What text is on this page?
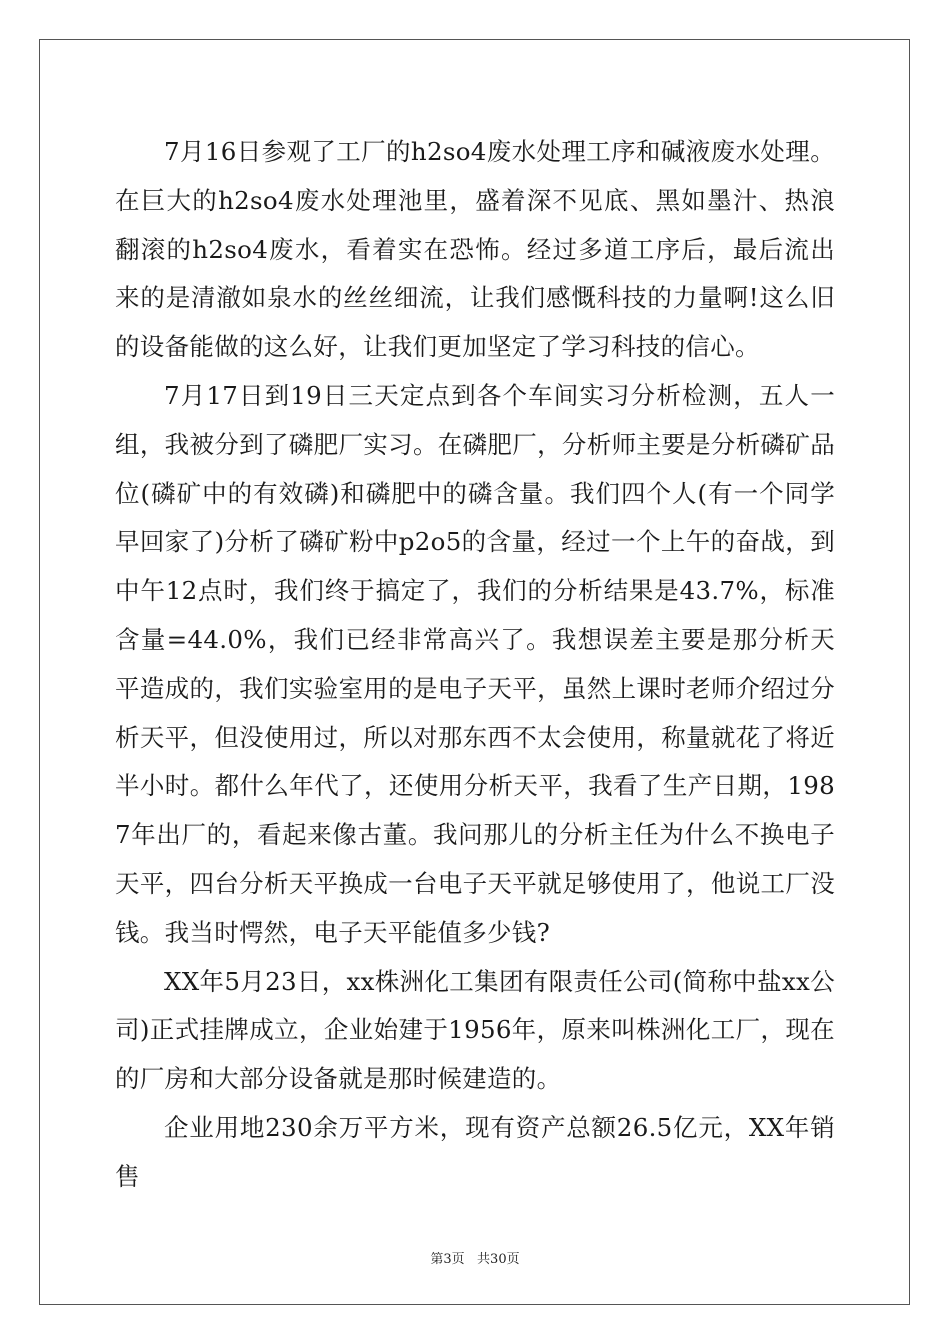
7月16日参观了工厂的h2so4废水处理工序和碱液废水处理。在巨大的h2so4废水处理池里，盛着深不见底、黑如墨汁、热浪翻滚的h2so4废水，看着实在恐怖。经过多道工序后，最后流出来的是清澈如泉水的丝丝细流，让我们感慨科技的力量啊!这么旧的设备能做的这么好，让我们更加坚定了学习科技的信心。

7月17日到19日三天定点到各个车间实习分析检测，五人一组，我被分到了磷肥厂实习。在磷肥厂，分析师主要是分析磷矿品位(磷矿中的有效磷)和磷肥中的磷含量。我们四个人(有一个同学早回家了)分析了磷矿粉中p2o5的含量，经过一个上午的奋战，到中午12点时，我们终于搞定了，我们的分析结果是43.7%，标准含量=44.0%，我们已经非常高兴了。我想误差主要是那分析天平造成的，我们实验室用的是电子天平，虽然上课时老师介绍过分析天平，但没使用过，所以对那东西不太会使用，称量就花了将近半小时。都什么年代了，还使用分析天平，我看了生产日期，1987年出厂的，看起来像古董。我问那儿的分析主任为什么不换电子天平，四台分析天平换成一台电子天平就足够使用了，他说工厂没钱。我当时愕然，电子天平能值多少钱?

XX年5月23日，xx株洲化工集团有限责任公司(简称中盐xx公司)正式挂牌成立，企业始建于1956年，原来叫株洲化工厂，现在的厂房和大部分设备就是那时候建造的。

企业用地230余万平方米，现有资产总额26.5亿元，XX年销售

第3页   共30页
